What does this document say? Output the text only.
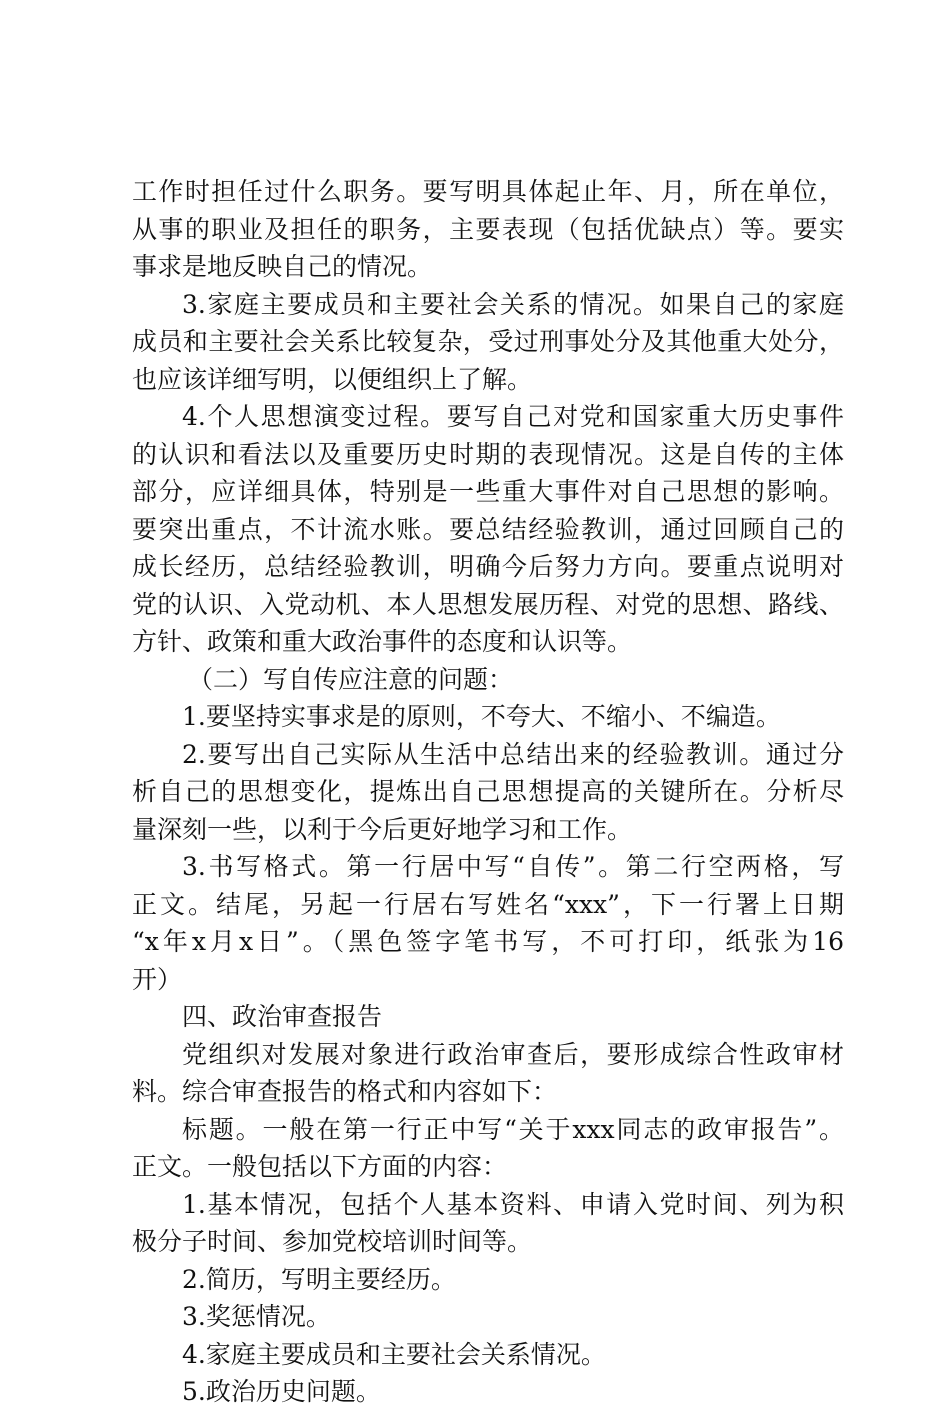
工作时担任过什么职务。要写明具体起止年、月，所在单位，
从事的职业及担任的职务，主要表现（包括优缺点）等。要实
事求是地反映自己的情况。
3.家庭主要成员和主要社会关系的情况。如果自己的家庭
成员和主要社会关系比较复杂，受过刑事处分及其他重大处分，
也应该详细写明，以便组织上了解。
4.个人思想演变过程。要写自己对党和国家重大历史事件
的认识和看法以及重要历史时期的表现情况。这是自传的主体
部分，应详细具体，特别是一些重大事件对自己思想的影响。
要突出重点，不计流水账。要总结经验教训，通过回顾自己的
成长经历，总结经验教训，明确今后努力方向。要重点说明对
党的认识、入党动机、本人思想发展历程、对党的思想、路线、
方针、政策和重大政治事件的态度和认识等。
（二）写自传应注意的问题：
1.要坚持实事求是的原则，不夸大、不缩小、不编造。
2.要写出自己实际从生活中总结出来的经验教训。通过分
析自己的思想变化，提炼出自己思想提高的关键所在。分析尽
量深刻一些，以利于今后更好地学习和工作。
3.书写格式。第一行居中写“自传”。第二行空两格，写
正文。结尾，另起一行居右写姓名“xxx”，下一行署上日期
“x年x月x日”。（黑色签字笔书写，不可打印，纸张为16
开）
四、政治审查报告
党组织对发展对象进行政治审查后，要形成综合性政审材
料。综合审查报告的格式和内容如下：
标题。一般在第一行正中写“关于xxx同志的政审报告”。
正文。一般包括以下方面的内容：
1.基本情况，包括个人基本资料、申请入党时间、列为积
极分子时间、参加党校培训时间等。
2.简历，写明主要经历。
3.奖惩情况。
4.家庭主要成员和主要社会关系情况。
5.政治历史问题。
